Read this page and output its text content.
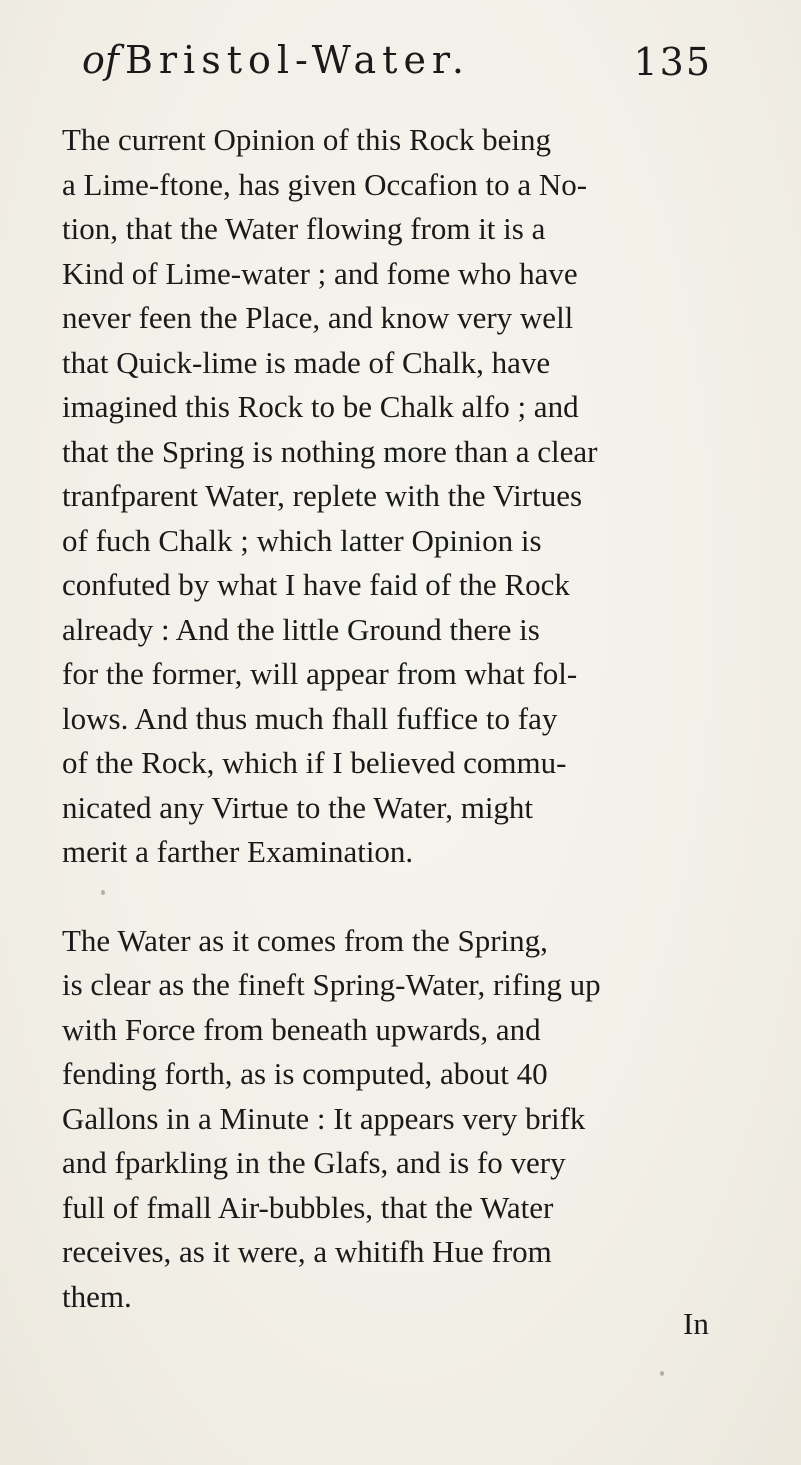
of Bristol-Water.	135

The current Opinion of this Rock being
a Lime-ftone, has given Occafion to a No-
tion, that the Water flowing from it is a
Kind of Lime-water ; and fome who have
never feen the Place, and know very well
that Quick-lime is made of Chalk, have
imagined this Rock to be Chalk alfo ; and
that the Spring is nothing more than a clear
tranfparent Water, replete with the Virtues
of fuch Chalk ; which latter Opinion is
confuted by what I have faid of the Rock
already : And the little Ground there is
for the former, will appear from what fol-
lows. And thus much fhall fuffice to fay
of the Rock, which if I believed commu-
nicated any Virtue to the Water, might
merit a farther Examination.

The Water as it comes from the Spring,
is clear as the fineft Spring-Water, rifing up
with Force from beneath upwards, and
fending forth, as is computed, about 40
Gallons in a Minute : It appears very brifk
and fparkling in the Glafs, and is fo very
full of fmall Air-bubbles, that the Water
receives, as it were, a whitifh Hue from
them.

In
